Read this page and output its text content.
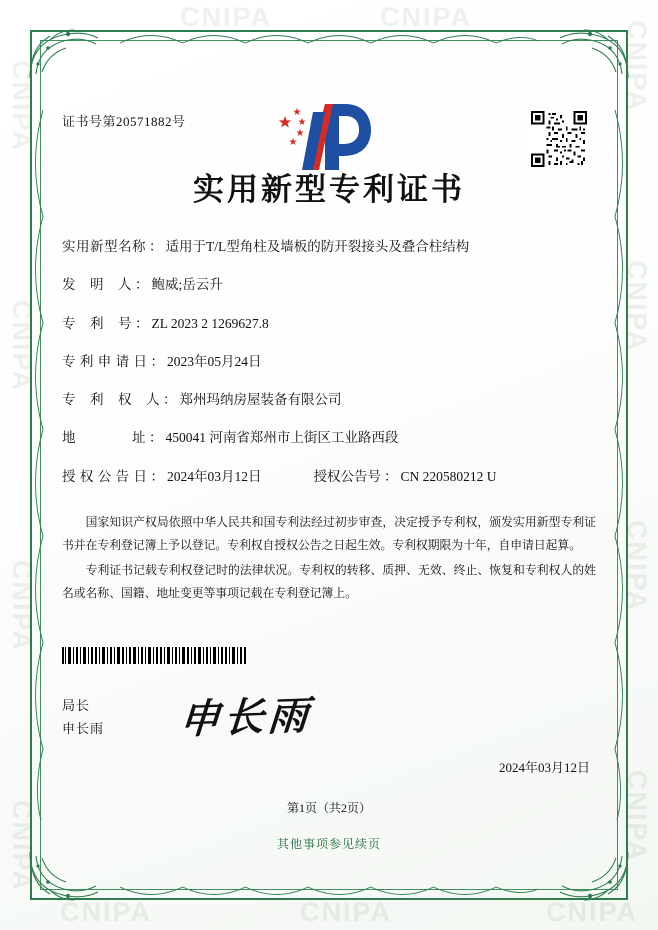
CNIPA
CNIPA
CNIPA
CNIPA
CNIPA
CNIPA
CNIPA
CNIPA
CNIPA	CNIPA
CNIPA	CNIPA	CNIPA
证书号第20571882号
实用新型专利证书
实用新型名称 ： 适用于T/L型角柱及墙板的防开裂接头及叠合柱结构
发　明　人 ： 鲍威;岳云升
专　利　号 ： ZL 2023 2 1269627.8
专 利 申 请 日 ： 2023年05月24日
专　利　权　人 ： 郑州玛纳房屋装备有限公司
地　　　　址 ： 450041 河南省郑州市上街区工业路西段
授 权 公 告 日 ： 2024年03月12日	授权公告号 ： CN 220580212 U

国家知识产权局依照中华人民共和国专利法经过初步审查，决定授予专利权，颁发实用新型专利证书并在专利登记簿上予以登记。专利权自授权公告之日起生效。专利权期限为十年，自申请日起算。

专利证书记载专利权登记时的法律状况。专利权的转移、质押、无效、终止、恢复和专利权人的姓名或名称、国籍、地址变更等事项记载在专利登记簿上。

局长
申长雨	申长雨
2024年03月12日
第1页（共2页）
其他事项参见续页
